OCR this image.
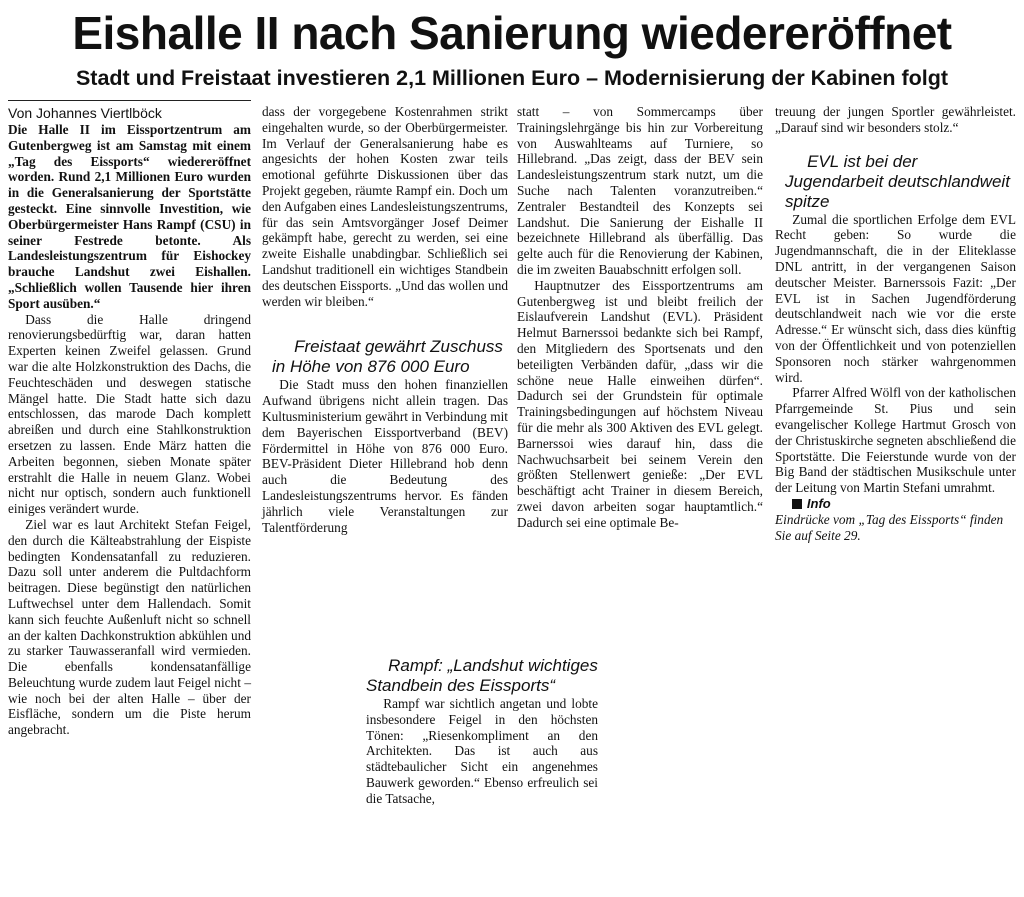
Eishalle II nach Sanierung wiedereröffnet
Stadt und Freistaat investieren 2,1 Millionen Euro – Modernisierung der Kabinen folgt

Von Johannes Viertlböck

Die Halle II im Eissportzentrum am Gutenbergweg ist am Samstag mit einem „Tag des Eissports“ wiedereröffnet worden. Rund 2,1 Millionen Euro wurden in die Generalsanierung der Sportstätte gesteckt. Eine sinnvolle Investition, wie Oberbürgermeister Hans Rampf (CSU) in seiner Festrede betonte. Als Landesleistungszentrum für Eishockey brauche Landshut zwei Eishallen. „Schließlich wollen Tausende hier ihren Sport ausüben.“

Dass die Halle dringend renovierungsbedürftig war, daran hatten Experten keinen Zweifel gelassen. Grund war die alte Holzkonstruktion des Dachs, die Feuchteschäden und deswegen statische Mängel hatte. Die Stadt hatte sich dazu entschlossen, das marode Dach komplett abreißen und durch eine Stahlkonstruktion ersetzen zu lassen. Ende März hatten die Arbeiten begonnen, sieben Monate später erstrahlt die Halle in neuem Glanz. Wobei nicht nur optisch, sondern auch funktionell einiges verändert wurde.

Ziel war es laut Architekt Stefan Feigel, den durch die Kälteabstrahlung der Eispiste bedingten Kondensatanfall zu reduzieren. Dazu soll unter anderem die Pultdachform beitragen. Diese begünstigt den natürlichen Luftwechsel unter dem Hallendach. Somit kann sich feuchte Außenluft nicht so schnell an der kalten Dachkonstruktion abkühlen und zu starker Tauwasseranfall wird vermieden. Die ebenfalls kondensatanfällige Beleuchtung wurde zudem laut Feigel nicht – wie noch bei der alten Halle – über der Eisfläche, sondern um die Piste herum angebracht.

dass der vorgegebene Kostenrahmen strikt eingehalten wurde, so der Oberbürgermeister. Im Verlauf der Generalsanierung habe es angesichts der hohen Kosten zwar teils emotional geführte Diskussionen über das Projekt gegeben, räumte Rampf ein. Doch um den Aufgaben eines Landesleistungszentrums, für das sein Amtsvorgänger Josef Deimer gekämpft habe, gerecht zu werden, sei eine zweite Eishalle unabdingbar. Schließlich sei Landshut traditionell ein wichtiges Standbein des deutschen Eissports. „Und das wollen und werden wir bleiben.“

Freistaat gewährt Zuschuss in Höhe von 876 000 Euro

Die Stadt muss den hohen finanziellen Aufwand übrigens nicht allein tragen. Das Kultusministerium gewährt in Verbindung mit dem Bayerischen Eissportverband (BEV) Fördermittel in Höhe von 876 000 Euro. BEV-Präsident Dieter Hillebrand hob denn auch die Bedeutung des Landesleistungszentrums hervor. Es fänden jährlich viele Veranstaltungen zur Talentförderung

statt – von Sommercamps über Trainingslehrgänge bis hin zur Vorbereitung von Auswahlteams auf Turniere, so Hillebrand. „Das zeigt, dass der BEV sein Landesleistungszentrum stark nutzt, um die Suche nach Talenten voranzutreiben.“ Zentraler Bestandteil des Konzepts sei Landshut. Die Sanierung der Eishalle II bezeichnete Hillebrand als überfällig. Das gelte auch für die Renovierung der Kabinen, die im zweiten Bauabschnitt erfolgen soll.

Hauptnutzer des Eissportzentrums am Gutenbergweg ist und bleibt freilich der Eislaufverein Landshut (EVL). Präsident Helmut Barnerssoi bedankte sich bei Rampf, den Mitgliedern des Sportsenats und den beteiligten Verbänden dafür, „dass wir die schöne neue Halle einweihen dürfen“. Dadurch sei der Grundstein für optimale Trainingsbedingungen auf höchstem Niveau für die mehr als 300 Aktiven des EVL gelegt. Barnerssoi wies darauf hin, dass die Nachwuchsarbeit bei seinem Verein den größten Stellenwert genieße: „Der EVL beschäftigt acht Trainer in diesem Bereich, zwei davon arbeiten sogar hauptamtlich.“ Dadurch sei eine optimale Be-

Rampf: „Landshut wichtiges Standbein des Eissports“

Rampf war sichtlich angetan und lobte insbesondere Feigel in den höchsten Tönen: „Riesenkompliment an den Architekten. Das ist auch aus städtebaulicher Sicht ein angenehmes Bauwerk geworden.“ Ebenso erfreulich sei die Tatsache,

treuung der jungen Sportler gewährleistet. „Darauf sind wir besonders stolz.“

EVL ist bei der Jugendarbeit deutschlandweit spitze

Zumal die sportlichen Erfolge dem EVL Recht geben: So wurde die Jugendmannschaft, die in der Eliteklasse DNL antritt, in der vergangenen Saison deutscher Meister. Barnerssois Fazit: „Der EVL ist in Sachen Jugendförderung deutschlandweit nach wie vor die erste Adresse.“ Er wünscht sich, dass dies künftig von der Öffentlichkeit und von potenziellen Sponsoren noch stärker wahrgenommen wird.

Pfarrer Alfred Wölfl von der katholischen Pfarrgemeinde St. Pius und sein evangelischer Kollege Hartmut Grosch von der Christuskirche segneten abschließend die Sportstätte. Die Feierstunde wurde von der Big Band der städtischen Musikschule unter der Leitung von Martin Stefani umrahmt.

Info

Eindrücke vom „Tag des Eissports“ finden Sie auf Seite 29.
